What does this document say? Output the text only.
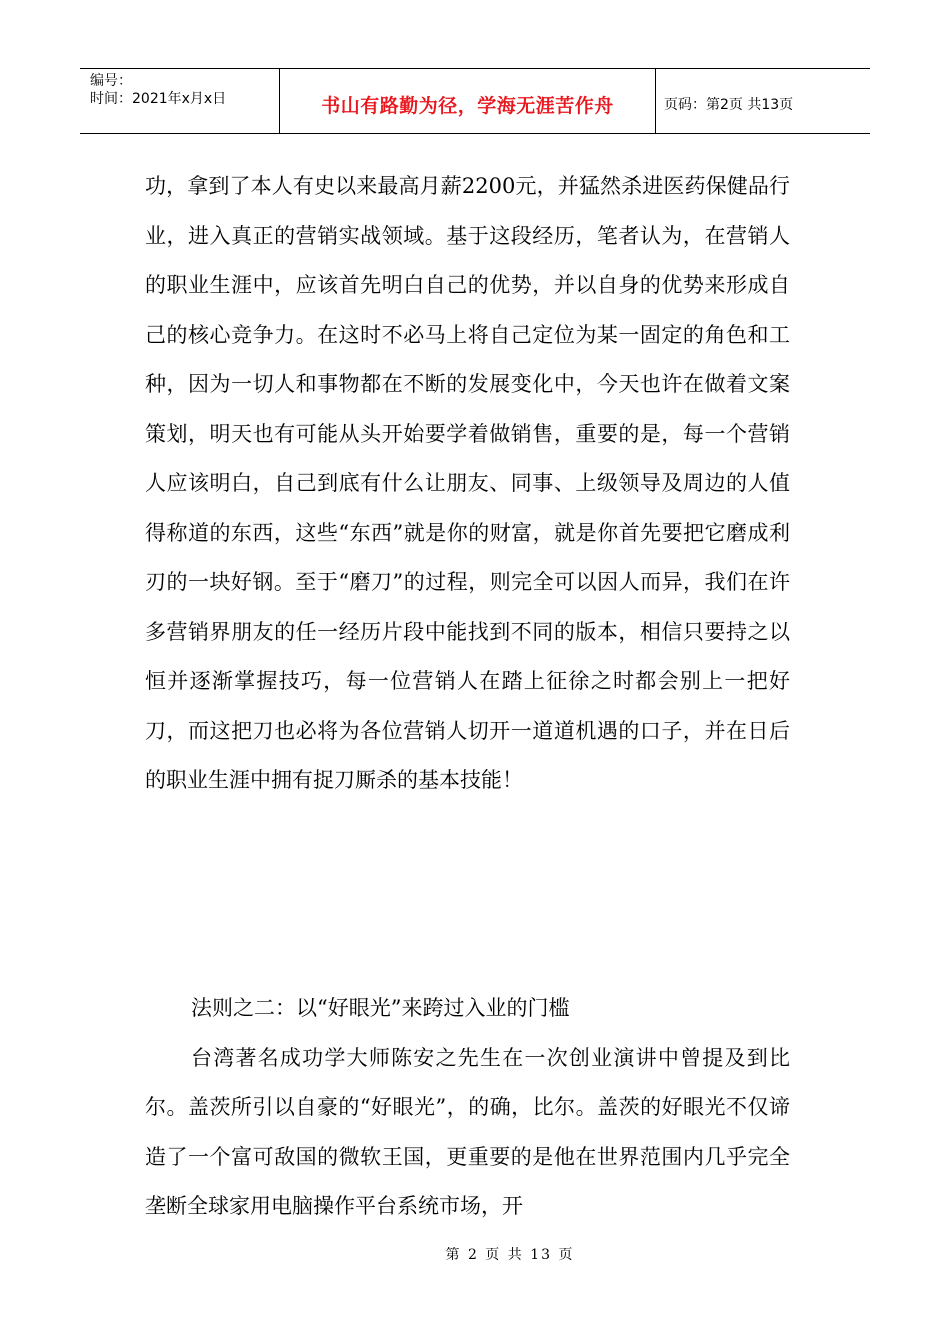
编号：
时间：2021年x月x日	书山有路勤为径，学海无涯苦作舟	页码：第2页 共13页

功，拿到了本人有史以来最高月薪2200元，并猛然杀进医药保健品行业，进入真正的营销实战领域。基于这段经历，笔者认为，在营销人的职业生涯中，应该首先明白自己的优势，并以自身的优势来形成自己的核心竞争力。在这时不必马上将自己定位为某一固定的角色和工种，因为一切人和事物都在不断的发展变化中，今天也许在做着文案策划，明天也有可能从头开始要学着做销售，重要的是，每一个营销人应该明白，自己到底有什么让朋友、同事、上级领导及周边的人值得称道的东西，这些“东西”就是你的财富，就是你首先要把它磨成利刃的一块好钢。至于“磨刀”的过程，则完全可以因人而异，我们在许多营销界朋友的任一经历片段中能找到不同的版本，相信只要持之以恒并逐渐掌握技巧，每一位营销人在踏上征徐之时都会别上一把好刀，而这把刀也必将为各位营销人切开一道道机遇的口子，并在日后的职业生涯中拥有捉刀厮杀的基本技能！

法则之二：以“好眼光”来跨过入业的门槛

台湾著名成功学大师陈安之先生在一次创业演讲中曾提及到比尔。盖茨所引以自豪的“好眼光”，的确，比尔。盖茨的好眼光不仅谛造了一个富可敌国的微软王国，更重要的是他在世界范围内几乎完全垄断全球家用电脑操作平台系统市场，开

第 2 页 共 13 页
